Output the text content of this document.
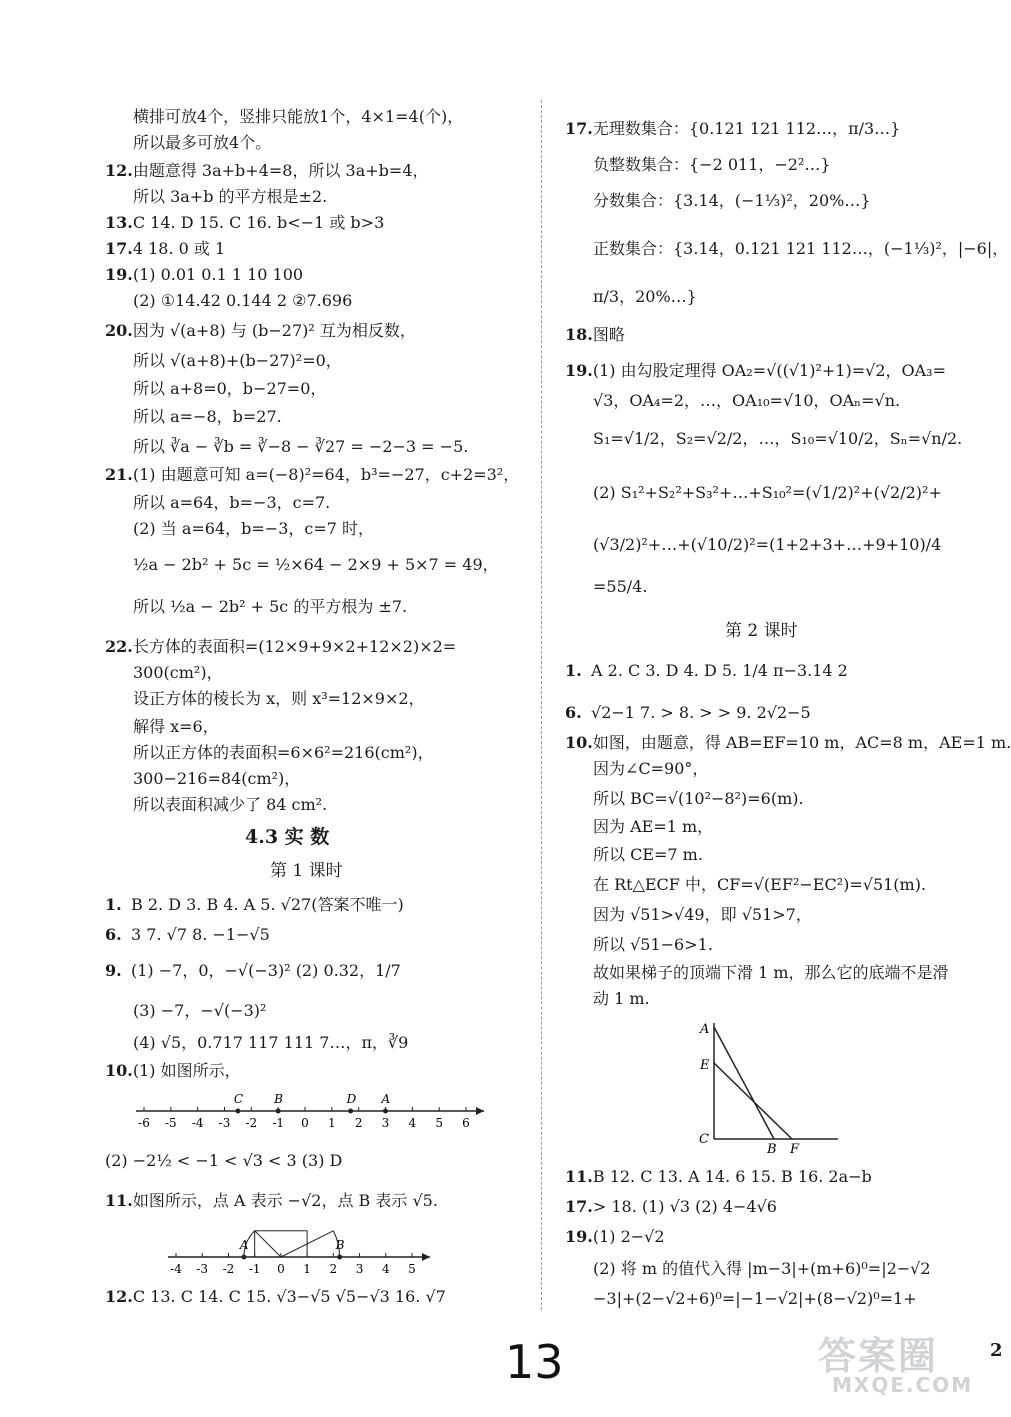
横排可放4个，竖排只能放1个，4×1=4(个)，
所以最多可放4个。
12.由题意得 3a+b+4=8，所以 3a+b=4，
所以 3a+b 的平方根是±2.
13.C 14. D 15. C 16. b<−1 或 b>3
17.4 18. 0 或 1
19.(1) 0.01 0.1 1 10 100
(2) ①14.42 0.144 2 ②7.696
20.因为 √(a+8) 与 (b−27)² 互为相反数，
所以 √(a+8)+(b−27)²=0，
所以 a+8=0，b−27=0，
所以 a=−8，b=27.
所以 ∛a − ∛b = ∛−8 − ∛27 = −2−3 = −5.
21.(1) 由题意可知 a=(−8)²=64，b³=−27，c+2=3²，
所以 a=64，b=−3，c=7.
(2) 当 a=64，b=−3，c=7 时，
½a − 2b² + 5c = ½×64 − 2×9 + 5×7 = 49，
所以 ½a − 2b² + 5c 的平方根为 ±7.
22.长方体的表面积=(12×9+9×2+12×2)×2=
300(cm²)，
设正方体的棱长为 x，则 x³=12×9×2，
解得 x=6，
所以正方体的表面积=6×6²=216(cm²)，
300−216=84(cm²)，
所以表面积减少了 84 cm².
1. B 2. D 3. B 4. A 5. √27(答案不唯一)
6. 3 7. √7 8. −1−√5
9. (1) −7，0，−√(−3)² (2) 0.32，1/7
(3) −7，−√(−3)²
(4) √5，0.717 117 111 7…，π，∛9
10.(1) 如图所示，
(2) −2½ < −1 < √3 < 3 (3) D
11.如图所示，点 A 表示 −√2，点 B 表示 √5.
12.C 13. C 14. C 15. √3−√5 √5−√3 16. √7
17.无理数集合：{0.121 121 112…，π/3…}
负整数集合：{−2 011，−2²…}
分数集合：{3.14，(−1⅓)²，20%…}
正数集合：{3.14，0.121 121 112…，(−1⅓)²，|−6|，
π/3，20%…}
18.图略
19.(1) 由勾股定理得 OA₂=√((√1)²+1)=√2，OA₃=
√3，OA₄=2，…，OA₁₀=√10，OAₙ=√n.
S₁=√1/2，S₂=√2/2，…，S₁₀=√10/2，Sₙ=√n/2.
(2) S₁²+S₂²+S₃²+…+S₁₀²=(√1/2)²+(√2/2)²+
(√3/2)²+…+(√10/2)²=(1+2+3+…+9+10)/4
=55/4.
第 2 课时
1. A 2. C 3. D 4. D 5. 1/4 π−3.14 2
6. √2−1 7. > 8. > > 9. 2√2−5
10.如图，由题意，得 AB=EF=10 m，AC=8 m，AE=1 m.
因为∠C=90°，
所以 BC=√(10²−8²)=6(m).
因为 AE=1 m，
所以 CE=7 m.
在 Rt△ECF 中，CF=√(EF²−EC²)=√51(m).
因为 √51>√49，即 √51>7，
所以 √51−6>1.
故如果梯子的顶端下滑 1 m，那么它的底端不是滑
动 1 m.
11.B 12. C 13. A 14. 6 15. B 16. 2a−b
17.> 18. (1) √3 (2) 4−4√6
19.(1) 2−√2
(2) 将 m 的值代入得 |m−3|+(m+6)⁰=|2−√2
−3|+(2−√2+6)⁰=|−1−√2|+(8−√2)⁰=1+
4.3 实 数
第 1 课时
-6 -5 -4 -3 -2 -1 0 1 2 3 4 5 6
C	B	D A
-4 -3 -2 -1 0 1 2 3 4 5
A	B
A
E
C
B F
13	2
答案圈
MXQE.COM
